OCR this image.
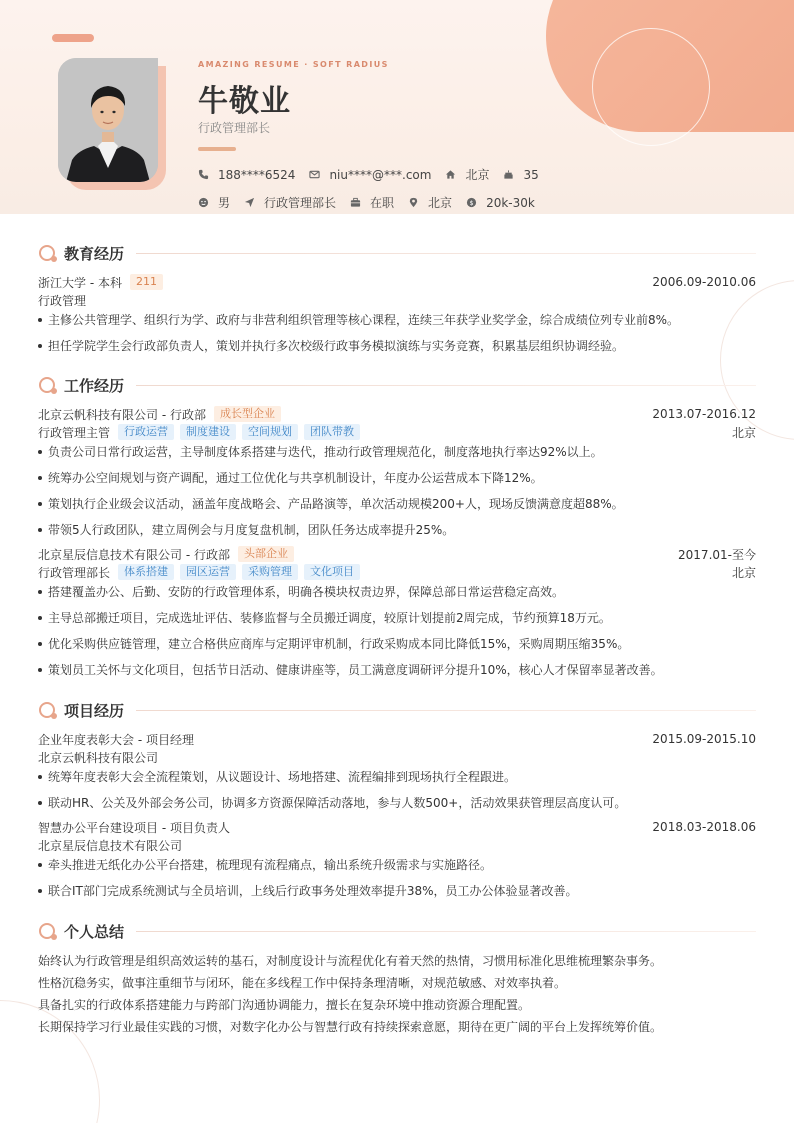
AMAZING RESUME · SOFT RADIUS
牛敬业
行政管理部长
188****6524	niu****@***.com	北京	35
男	行政管理部长	在职	北京 $ 20k-30k
教育经历
浙江大学 - 本科	211	2006.09-2010.06
行政管理
主修公共管理学、组织行为学、政府与非营利组织管理等核心课程，连续三年获学业奖学金，综合成绩位列专业前8%。
担任学院学生会行政部负责人，策划并执行多次校级行政事务模拟演练与实务竞赛，积累基层组织协调经验。
工作经历
北京云帆科技有限公司 - 行政部	成长型企业	2013.07-2016.12
行政管理主管	行政运营	制度建设	空间规划	团队带教	北京
负责公司日常行政运营，主导制度体系搭建与迭代，推动行政管理规范化，制度落地执行率达92%以上。
统筹办公空间规划与资产调配，通过工位优化与共享机制设计，年度办公运营成本下降12%。
策划执行企业级会议活动，涵盖年度战略会、产品路演等，单次活动规模200+人，现场反馈满意度超88%。
带领5人行政团队，建立周例会与月度复盘机制，团队任务达成率提升25%。
北京星辰信息技术有限公司 - 行政部	头部企业	2017.01-至今
行政管理部长	体系搭建	园区运营	采购管理	文化项目	北京
搭建覆盖办公、后勤、安防的行政管理体系，明确各模块权责边界，保障总部日常运营稳定高效。
主导总部搬迁项目，完成选址评估、装修监督与全员搬迁调度，较原计划提前2周完成，节约预算18万元。
优化采购供应链管理，建立合格供应商库与定期评审机制，行政采购成本同比降低15%，采购周期压缩35%。
策划员工关怀与文化项目，包括节日活动、健康讲座等，员工满意度调研评分提升10%，核心人才保留率显著改善。
项目经历
企业年度表彰大会 - 项目经理	2015.09-2015.10
北京云帆科技有限公司
统筹年度表彰大会全流程策划，从议题设计、场地搭建、流程编排到现场执行全程跟进。
联动HR、公关及外部会务公司，协调多方资源保障活动落地，参与人数500+，活动效果获管理层高度认可。
智慧办公平台建设项目 - 项目负责人	2018.03-2018.06
北京星辰信息技术有限公司
牵头推进无纸化办公平台搭建，梳理现有流程痛点，输出系统升级需求与实施路径。
联合IT部门完成系统测试与全员培训，上线后行政事务处理效率提升38%，员工办公体验显著改善。
个人总结
始终认为行政管理是组织高效运转的基石，对制度设计与流程优化有着天然的热情，习惯用标准化思维梳理繁杂事务。
性格沉稳务实，做事注重细节与闭环，能在多线程工作中保持条理清晰，对规范敏感、对效率执着。
具备扎实的行政体系搭建能力与跨部门沟通协调能力，擅长在复杂环境中推动资源合理配置。
长期保持学习行业最佳实践的习惯，对数字化办公与智慧行政有持续探索意愿，期待在更广阔的平台上发挥统筹价值。
